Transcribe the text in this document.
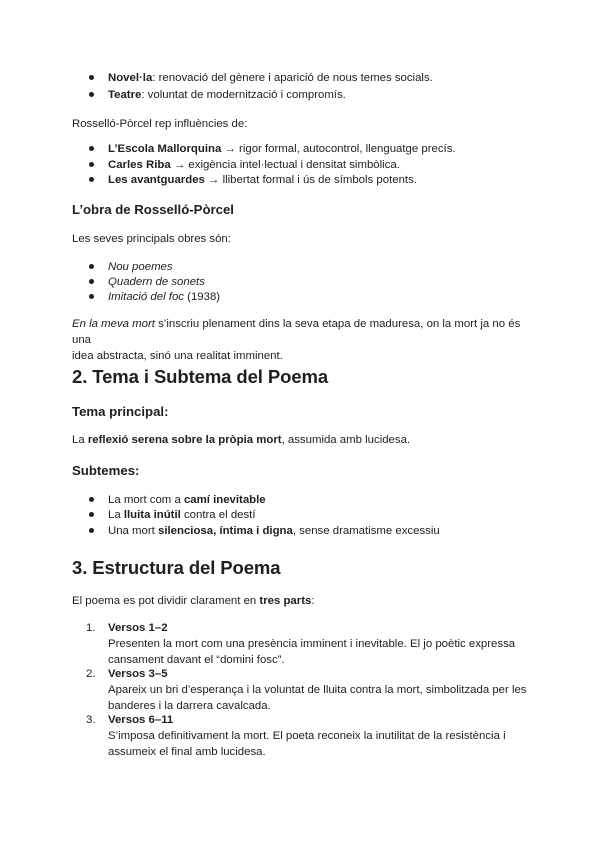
Novel·la: renovació del gènere i aparició de nous temes socials.
Teatre: voluntat de modernització i compromís.

Rosselló-Pòrcel rep influències de:

L’Escola Mallorquina → rigor formal, autocontrol, llenguatge precís.
Carles Riba → exigència intel·lectual i densitat simbòlica.
Les avantguardes → llibertat formal i ús de símbols potents.
L’obra de Rosselló-Pòrcel

Les seves principals obres són:

Nou poemes
Quadern de sonets
Imitació del foc (1938)

En la meva mort s’inscriu plenament dins la seva etapa de maduresa, on la mort ja no és una
idea abstracta, sinó una realitat imminent.

2. Tema i Subtema del Poema
Tema principal:

La reflexió serena sobre la pròpia mort, assumida amb lucidesa.

Subtemes:
La mort com a camí inevitable
La lluita inútil contra el destí
Una mort silenciosa, íntima i digna, sense dramatisme excessiu
3. Estructura del Poema

El poema es pot dividir clarament en tres parts:

1.	Versos 1–2
Presenten la mort com una presència imminent i inevitable. El jo poètic expressa
cansament davant el “domini fosc”.
2.	Versos 3–5
Apareix un bri d’esperança i la voluntat de lluita contra la mort, simbolitzada per les
banderes i la darrera cavalcada.
3.	Versos 6–11
S’imposa definitivament la mort. El poeta reconeix la inutilitat de la resistència i
assumeix el final amb lucidesa.
